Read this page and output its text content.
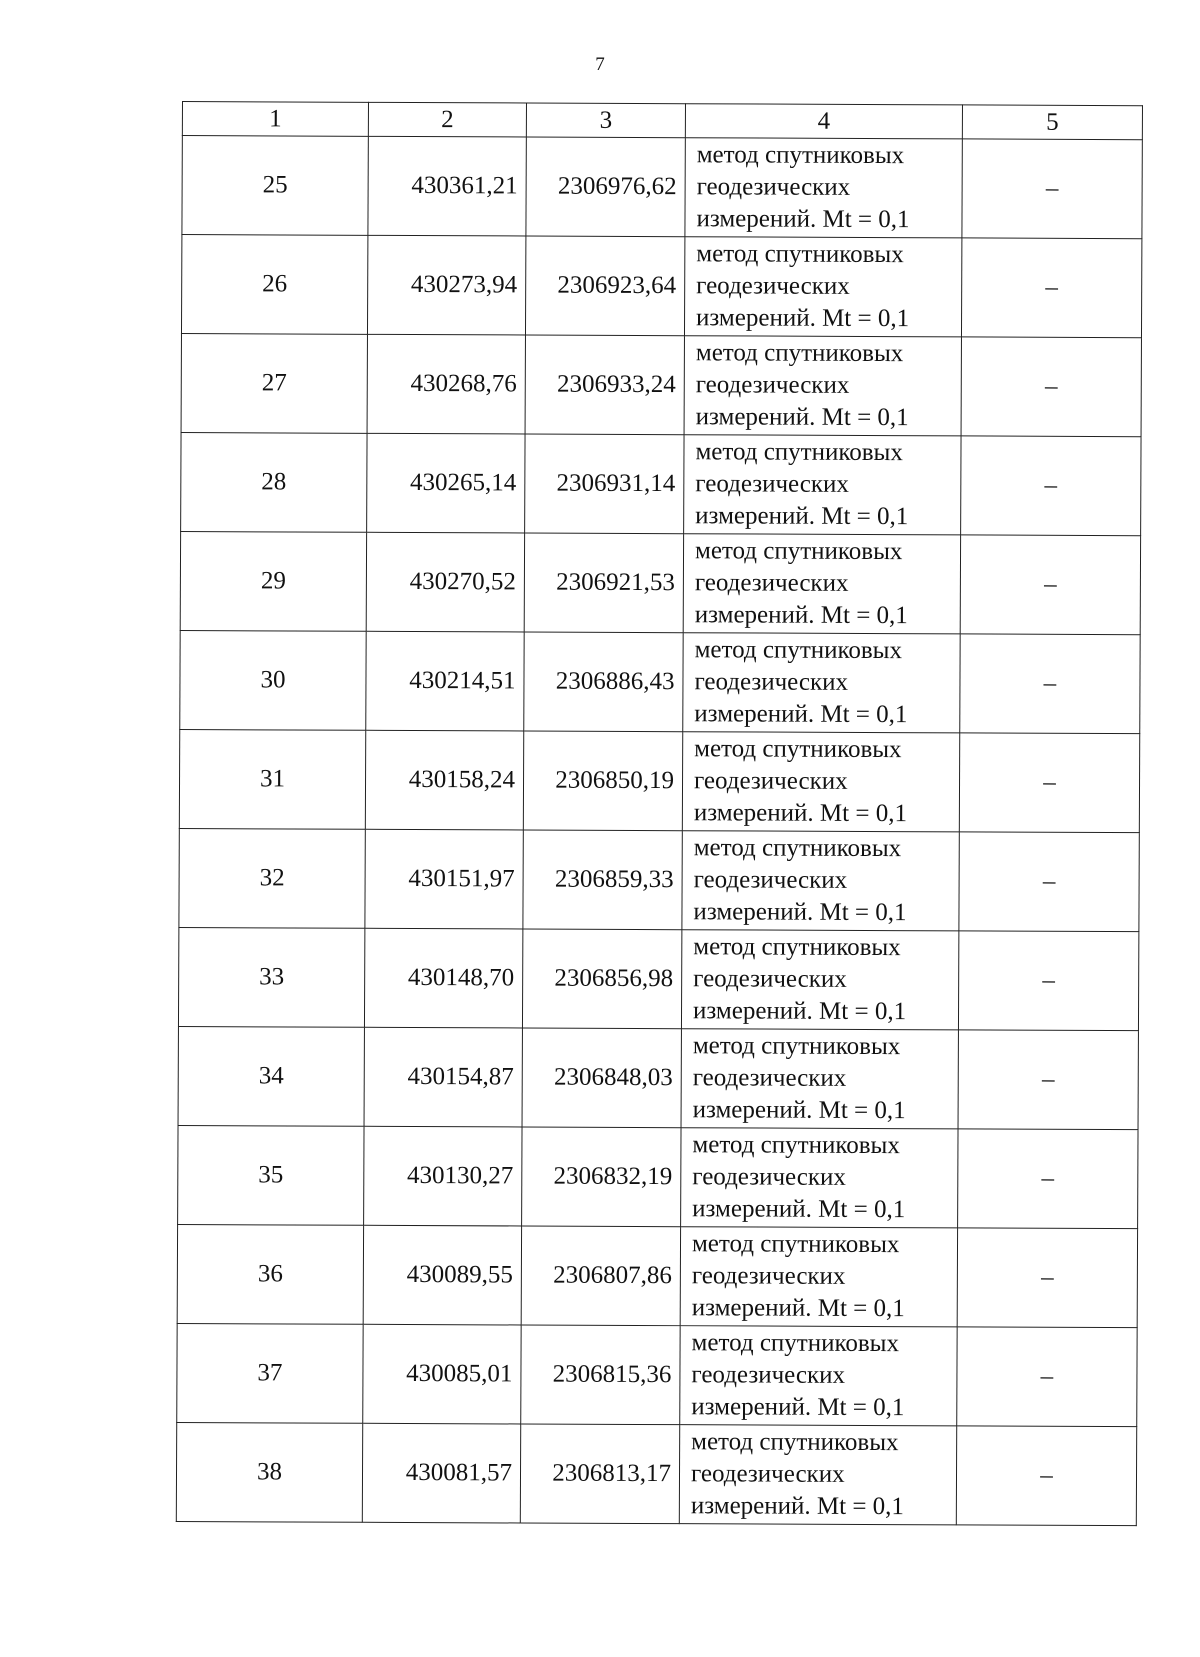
7
1	2	3	4	5
25	430361,21	2306976,62	метод спутниковых
геодезических
измерений. Mt = 0,1	–
26	430273,94	2306923,64	метод спутниковых
геодезических
измерений. Mt = 0,1	–
27	430268,76	2306933,24	метод спутниковых
геодезических
измерений. Mt = 0,1	–
28	430265,14	2306931,14	метод спутниковых
геодезических
измерений. Mt = 0,1	–
29	430270,52	2306921,53	метод спутниковых
геодезических
измерений. Mt = 0,1	–
30	430214,51	2306886,43	метод спутниковых
геодезических
измерений. Mt = 0,1	–
31	430158,24	2306850,19	метод спутниковых
геодезических
измерений. Mt = 0,1	–
32	430151,97	2306859,33	метод спутниковых
геодезических
измерений. Mt = 0,1	–
33	430148,70	2306856,98	метод спутниковых
геодезических
измерений. Mt = 0,1	–
34	430154,87	2306848,03	метод спутниковых
геодезических
измерений. Mt = 0,1	–
35	430130,27	2306832,19	метод спутниковых
геодезических
измерений. Mt = 0,1	–
36	430089,55	2306807,86	метод спутниковых
геодезических
измерений. Mt = 0,1	–
37	430085,01	2306815,36	метод спутниковых
геодезических
измерений. Mt = 0,1	–
38	430081,57	2306813,17	метод спутниковых
геодезических
измерений. Mt = 0,1	–
